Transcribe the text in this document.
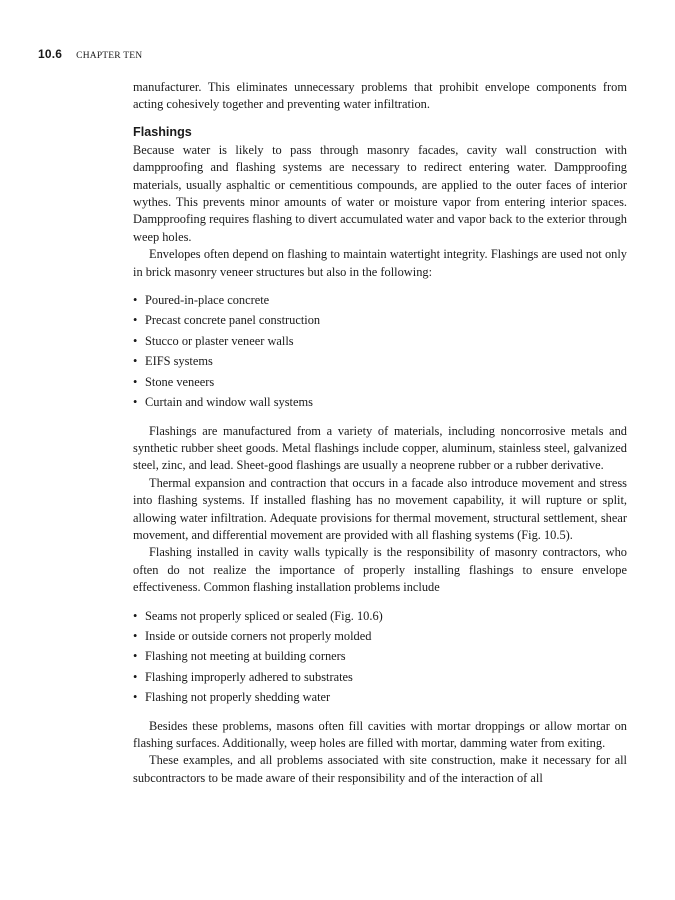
10.6 CHAPTER TEN

manufacturer. This eliminates unnecessary problems that prohibit envelope components from acting cohesively together and preventing water infiltration.

Flashings

Because water is likely to pass through masonry facades, cavity wall construction with dampproofing and flashing systems are necessary to redirect entering water. Dampproofing materials, usually asphaltic or cementitious compounds, are applied to the outer faces of interior wythes. This prevents minor amounts of water or moisture vapor from entering interior spaces. Dampproofing requires flashing to divert accumulated water and vapor back to the exterior through weep holes.

Envelopes often depend on flashing to maintain watertight integrity. Flashings are used not only in brick masonry veneer structures but also in the following:

• Poured-in-place concrete
• Precast concrete panel construction
• Stucco or plaster veneer walls
• EIFS systems
• Stone veneers
• Curtain and window wall systems

Flashings are manufactured from a variety of materials, including noncorrosive metals and synthetic rubber sheet goods. Metal flashings include copper, aluminum, stainless steel, galvanized steel, zinc, and lead. Sheet-good flashings are usually a neoprene rubber or a rubber derivative.

Thermal expansion and contraction that occurs in a facade also introduce movement and stress into flashing systems. If installed flashing has no movement capability, it will rupture or split, allowing water infiltration. Adequate provisions for thermal movement, structural settlement, shear movement, and differential movement are provided with all flashing systems (Fig. 10.5).

Flashing installed in cavity walls typically is the responsibility of masonry contractors, who often do not realize the importance of properly installing flashings to ensure envelope effectiveness. Common flashing installation problems include

• Seams not properly spliced or sealed (Fig. 10.6)
• Inside or outside corners not properly molded
• Flashing not meeting at building corners
• Flashing improperly adhered to substrates
• Flashing not properly shedding water

Besides these problems, masons often fill cavities with mortar droppings or allow mortar on flashing surfaces. Additionally, weep holes are filled with mortar, damming water from exiting.

These examples, and all problems associated with site construction, make it necessary for all subcontractors to be made aware of their responsibility and of the interaction of all
